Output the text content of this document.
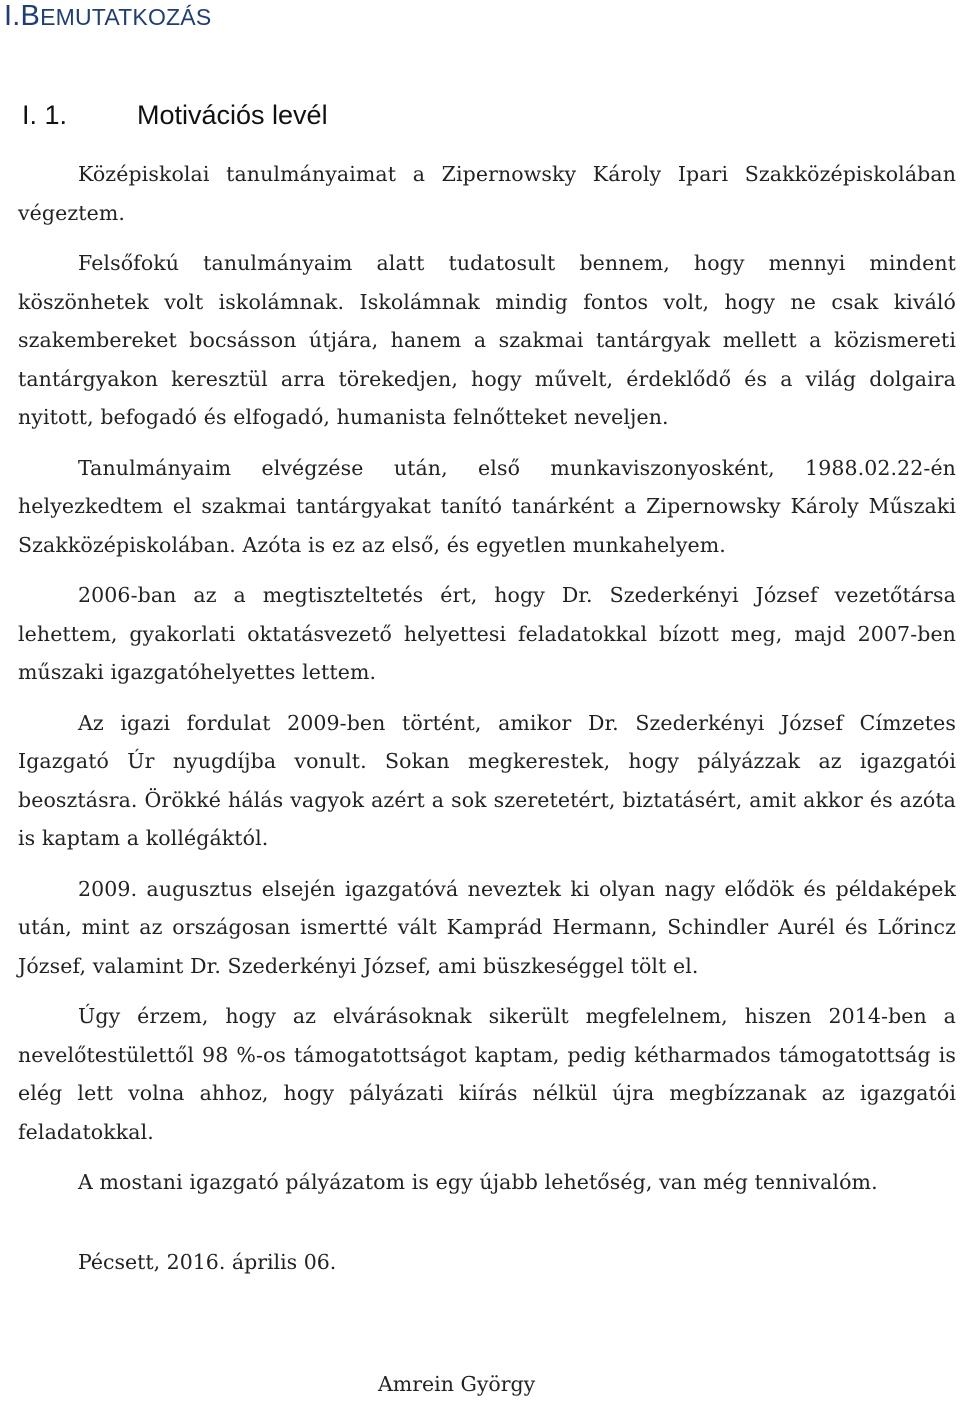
I.BEMUTATKOZÁS
I. 1.	Motivációs levél

Középiskolai tanulmányaimat a Zipernowsky Károly Ipari Szakközépiskolában végeztem.

Felsőfokú tanulmányaim alatt tudatosult bennem, hogy mennyi mindent köszönhetek volt iskolámnak. Iskolámnak mindig fontos volt, hogy ne csak kiváló szakembereket bocsásson útjára, hanem a szakmai tantárgyak mellett a közismereti tantárgyakon keresztül arra törekedjen, hogy művelt, érdeklődő és a világ dolgaira nyitott, befogadó és elfogadó, humanista felnőtteket neveljen.

Tanulmányaim elvégzése után, első munkaviszonyosként, 1988.02.22-én helyezkedtem el szakmai tantárgyakat tanító tanárként a Zipernowsky Károly Műszaki Szakközépiskolában. Azóta is ez az első, és egyetlen munkahelyem.

2006-ban az a megtiszteltetés ért, hogy Dr. Szederkényi József vezetőtársa lehettem, gyakorlati oktatásvezető helyettesi feladatokkal bízott meg, majd 2007-ben műszaki igazgatóhelyettes lettem.

Az igazi fordulat 2009-ben történt, amikor Dr. Szederkényi József Címzetes Igazgató Úr nyugdíjba vonult. Sokan megkerestek, hogy pályázzak az igazgatói beosztásra. Örökké hálás vagyok azért a sok szeretetért, biztatásért, amit akkor és azóta is kaptam a kollégáktól.

2009. augusztus elsején igazgatóvá neveztek ki olyan nagy elődök és példaképek után, mint az országosan ismertté vált Kamprád Hermann, Schindler Aurél és Lőrincz József, valamint Dr. Szederkényi József, ami büszkeséggel tölt el.

Úgy érzem, hogy az elvárásoknak sikerült megfelelnem, hiszen 2014-ben a nevelőtestülettől 98 %-os támogatottságot kaptam, pedig kétharmados támogatottság is elég lett volna ahhoz, hogy pályázati kiírás nélkül újra megbízzanak az igazgatói feladatokkal.

A mostani igazgató pályázatom is egy újabb lehetőség, van még tennivalóm.

Pécsett, 2016. április 06.

Amrein György
